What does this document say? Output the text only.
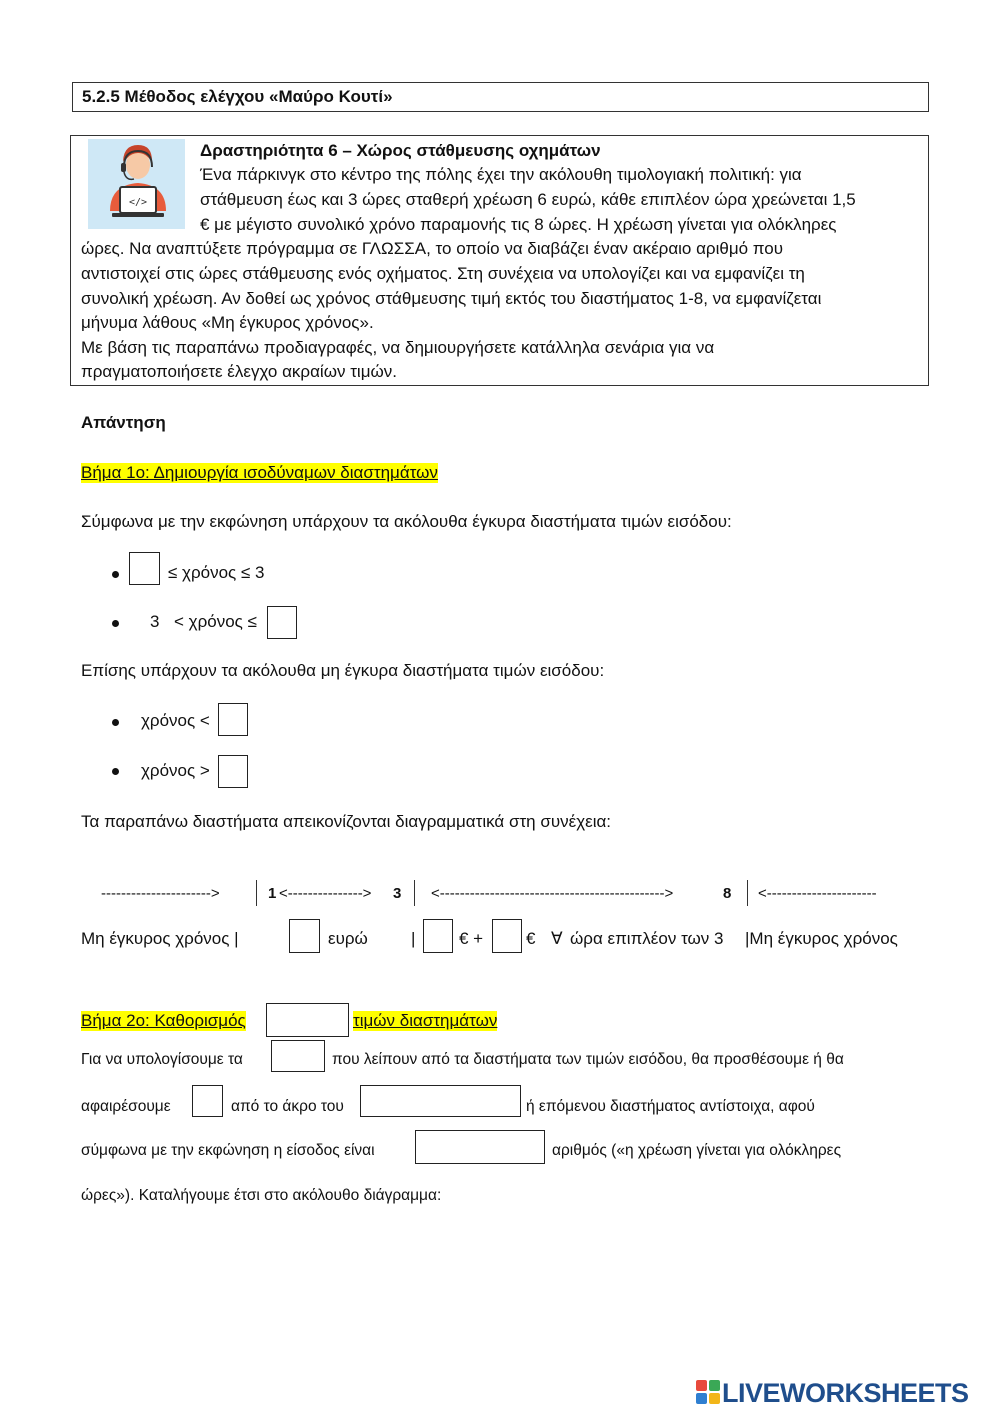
5.2.5 Μέθοδος ελέγχου «Μαύρο Κουτί»
</>
Δραστηριότητα 6 – Χώρος στάθμευσης οχημάτων
Ένα πάρκινγκ στο κέντρο της πόλης έχει την ακόλουθη τιμολογιακή πολιτική: για
στάθμευση έως και 3 ώρες σταθερή χρέωση 6 ευρώ, κάθε επιπλέον ώρα χρεώνεται 1,5
€ με μέγιστο συνολικό χρόνο παραμονής τις 8 ώρες. Η χρέωση γίνεται για ολόκληρες
ώρες. Να αναπτύξετε πρόγραμμα σε ΓΛΩΣΣΑ, το οποίο να διαβάζει έναν ακέραιο αριθμό που
αντιστοιχεί στις ώρες στάθμευσης ενός οχήματος. Στη συνέχεια να υπολογίζει και να εμφανίζει τη
συνολική χρέωση. Αν δοθεί ως χρόνος στάθμευσης τιμή εκτός του διαστήματος 1-8, να εμφανίζεται
μήνυμα λάθους «Μη έγκυρος χρόνος».
Με βάση τις παραπάνω προδιαγραφές, να δημιουργήσετε κατάλληλα σενάρια για να
πραγματοποιήσετε έλεγχο ακραίων τιμών.
Απάντηση
Βήμα 1ο: Δημιουργία ισοδύναμων διαστημάτων
Σύμφωνα με την εκφώνηση υπάρχουν τα ακόλουθα έγκυρα διαστήματα τιμών εισόδου:
≤ χρόνος ≤ 3
3 < χρόνος ≤
Επίσης υπάρχουν τα ακόλουθα μη έγκυρα διαστήματα τιμών εισόδου:
χρόνος <
χρόνος >
Τα παραπάνω διαστήματα απεικονίζονται διαγραμματικά στη συνέχεια:
---------------------->	1 <---------------> 3 <--------------------------------------------->	8 <----------------------
Μη έγκυρος χρόνος |	ευρώ	|	€ +	€ ∀ ώρα επιπλέον των 3 |Μη έγκυρος χρόνος
Βήμα 2ο: Καθορισμός	τιμών διαστημάτων
Για να υπολογίσουμε τα	που λείπουν από τα διαστήματα των τιμών εισόδου, θα προσθέσουμε ή θα
αφαιρέσουμε	από το άκρο του	ή επόμενου διαστήματος αντίστοιχα, αφού
σύμφωνα με την εκφώνηση η είσοδος είναι	αριθμός («η χρέωση γίνεται για ολόκληρες
ώρες»). Καταλήγουμε έτσι στο ακόλουθο διάγραμμα:
LIVEWORKSHEETS
